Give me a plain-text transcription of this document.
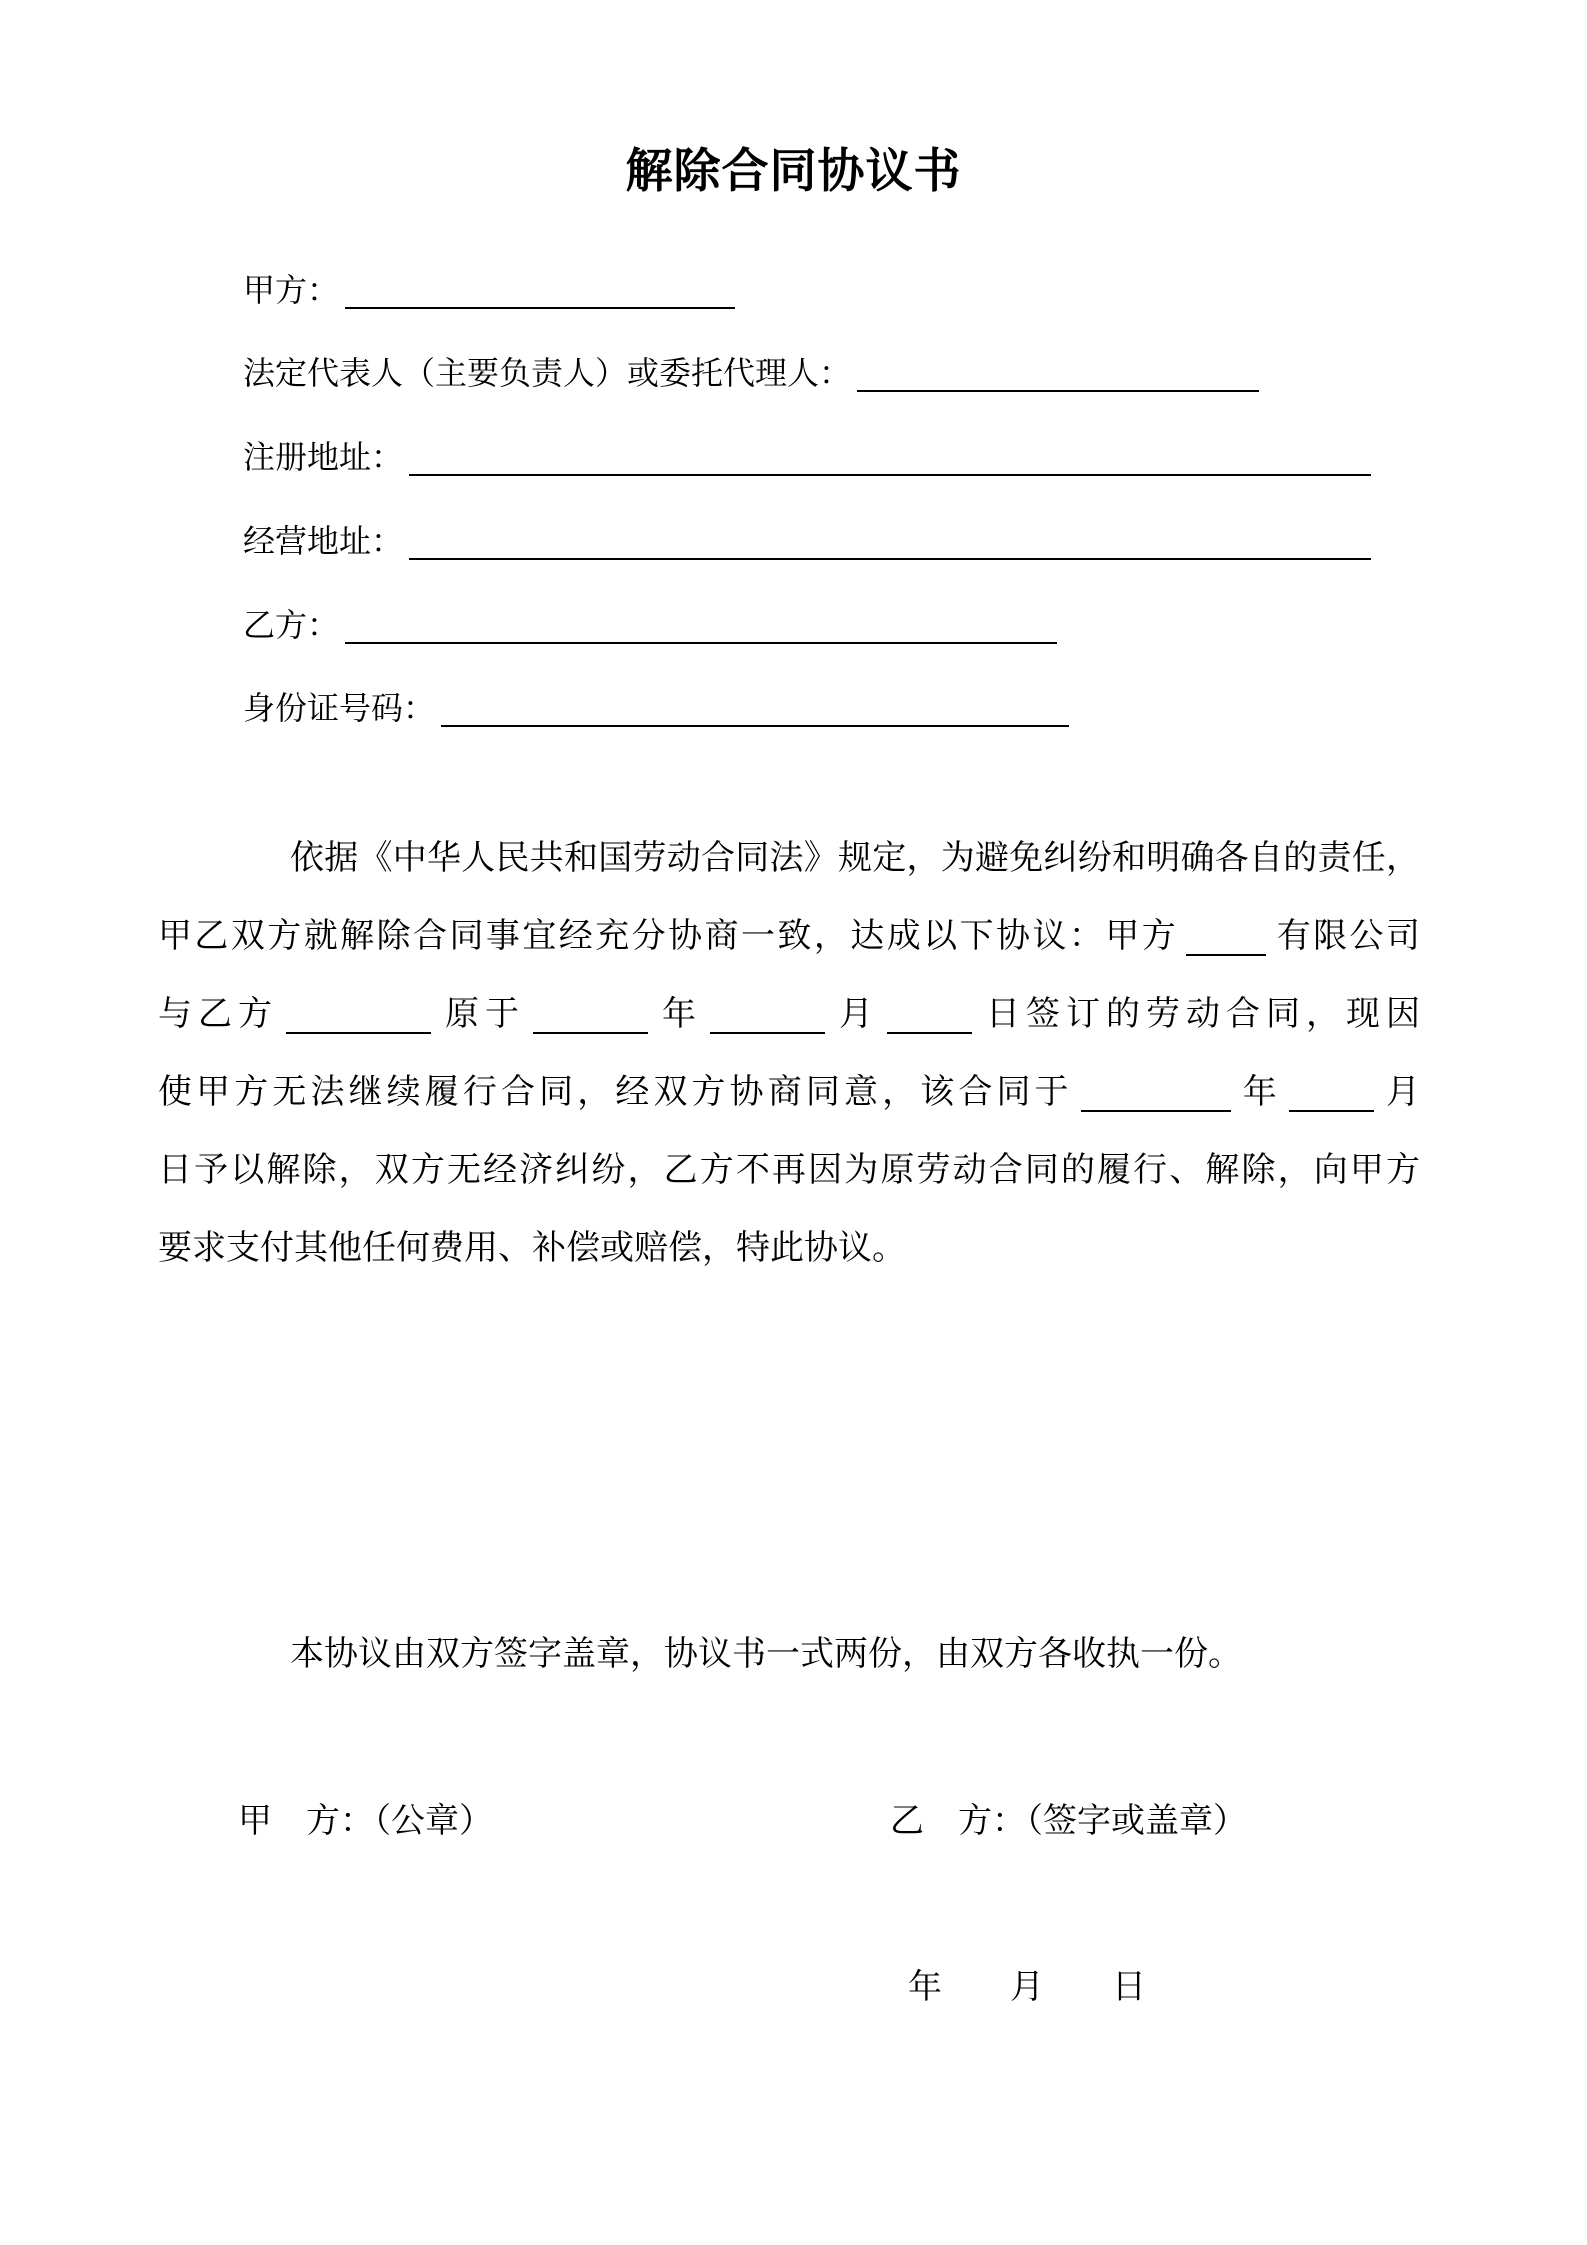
解除合同协议书
甲方：
法定代表人（主要负责人）或委托代理人：
注册地址：
经营地址：
乙方：
身份证号码：
依据《中华人民共和国劳动合同法》规定，为避免纠纷和明确各自的责任，
甲乙双方就解除合同事宜经充分协商一致，达成以下协议：甲方	有限公司
与乙方	原于	年	月	日签订的劳动合同，现因
使甲方无法继续履行合同，经双方协商同意，该合同于	年	月
日予以解除，双方无经济纠纷，乙方不再因为原劳动合同的履行、解除，向甲方
要求支付其他任何费用、补偿或赔偿，特此协议。
本协议由双方签字盖章，协议书一式两份，由双方各收执一份。
甲　方：（公章）	乙　方：（签字或盖章）
年　　月　　日
